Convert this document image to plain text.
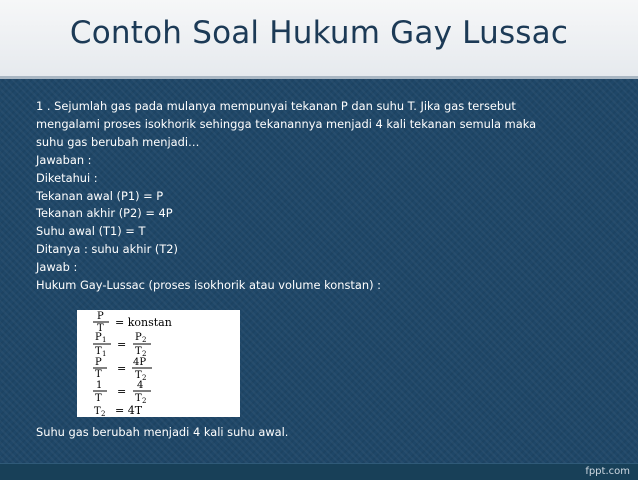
Contoh Soal Hukum Gay Lussac
1 . Sejumlah gas pada mulanya mempunyai tekanan P dan suhu T. Jika gas tersebut
mengalami proses isokhorik sehingga tekanannya menjadi 4 kali tekanan semula maka
suhu gas berubah menjadi…
Jawaban :
Diketahui :
Tekanan awal (P1) = P
Tekanan akhir (P2) = 4P
Suhu awal (T1) = T
Ditanya : suhu akhir (T2)
Jawab :
Hukum Gay-Lussac (proses isokhorik atau volume konstan) :
P
T = konstan
P 1
T 1
=
P 2
T 2
P
T = 4P
T 2
1
T
= 4
T 2
T 2 = 4T
Suhu gas berubah menjadi 4 kali suhu awal.
fppt.com
